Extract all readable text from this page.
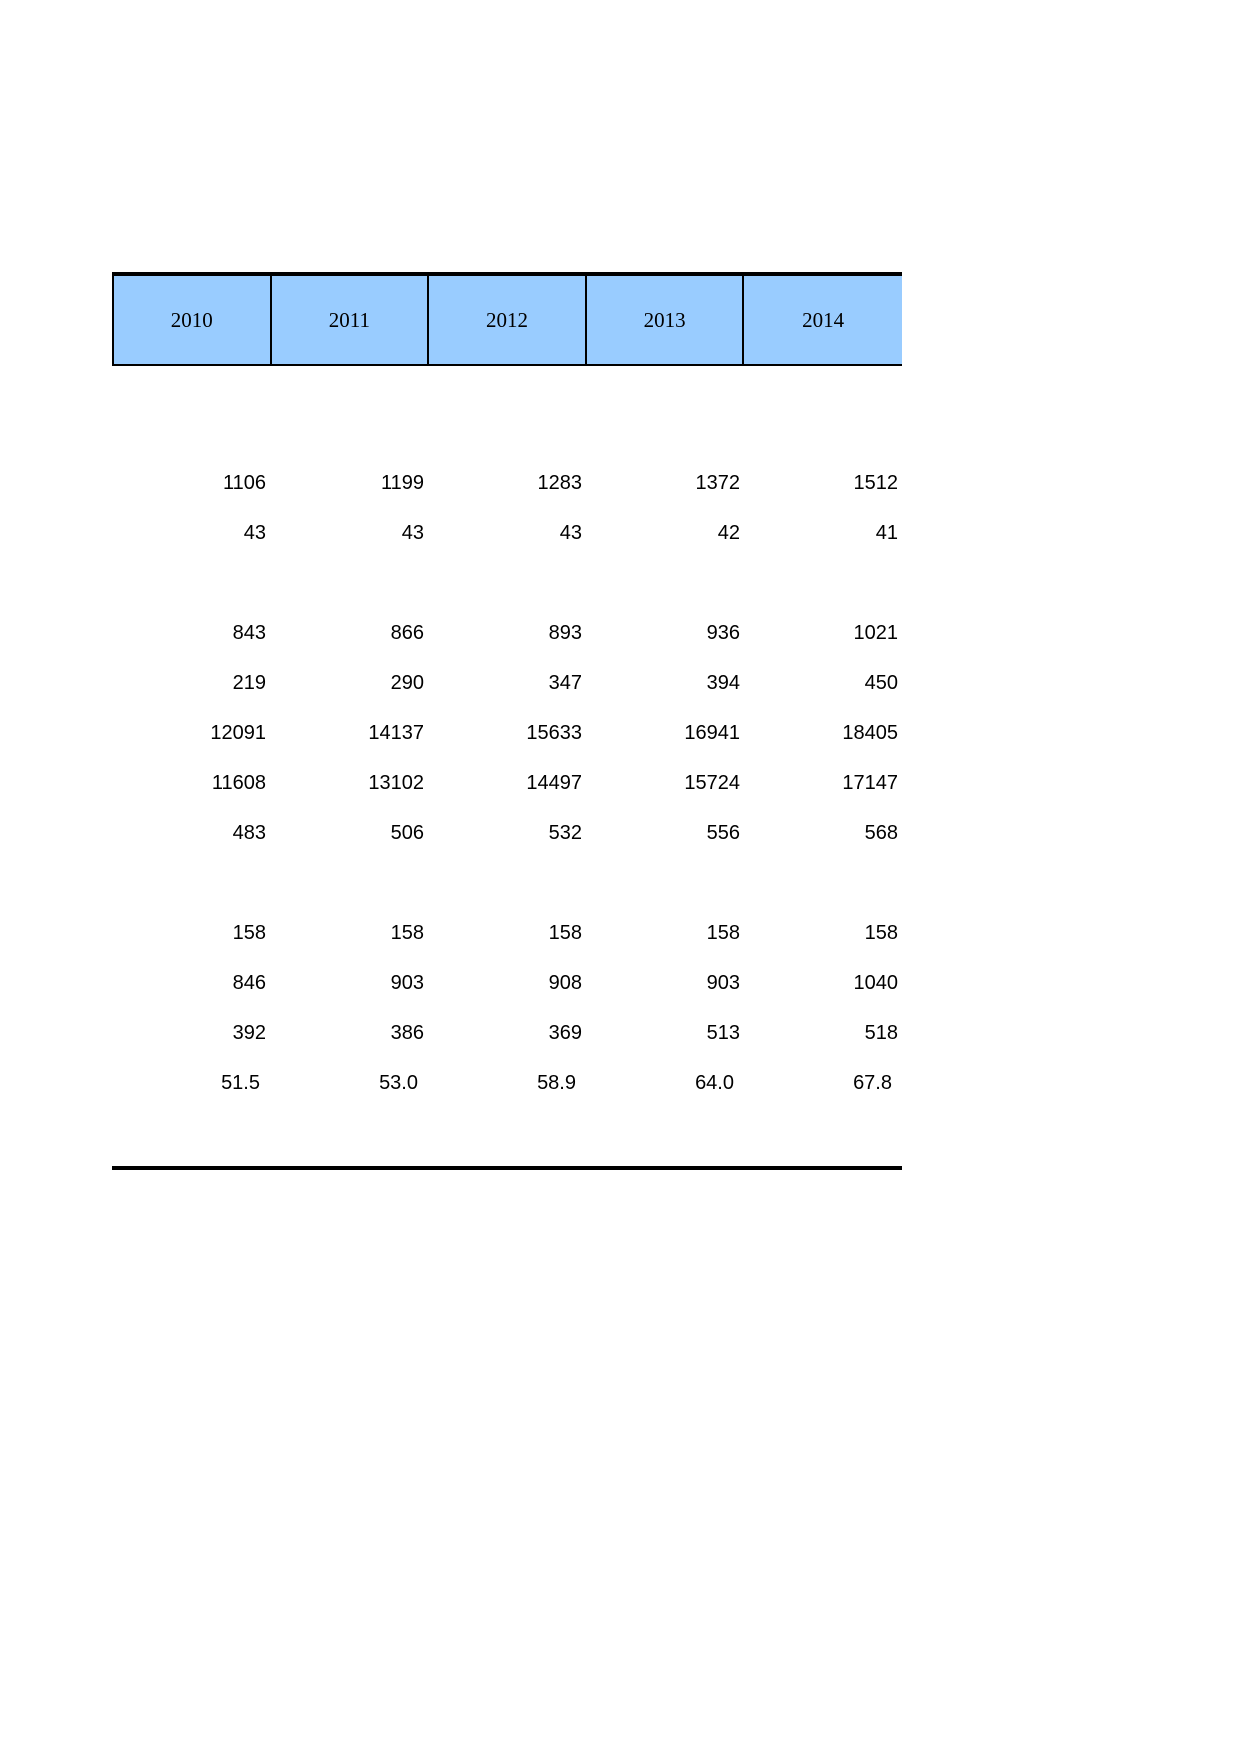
2010	2011	2012	2013	2014
1106	1199	1283	1372	1512
43	43	43	42	41
843	866	893	936	1021
219	290	347	394	450
12091	14137	15633	16941	18405
11608	13102	14497	15724	17147
483	506	532	556	568
158	158	158	158	158
846	903	908	903	1040
392	386	369	513	518
51.5	53.0	58.9	64.0	67.8
